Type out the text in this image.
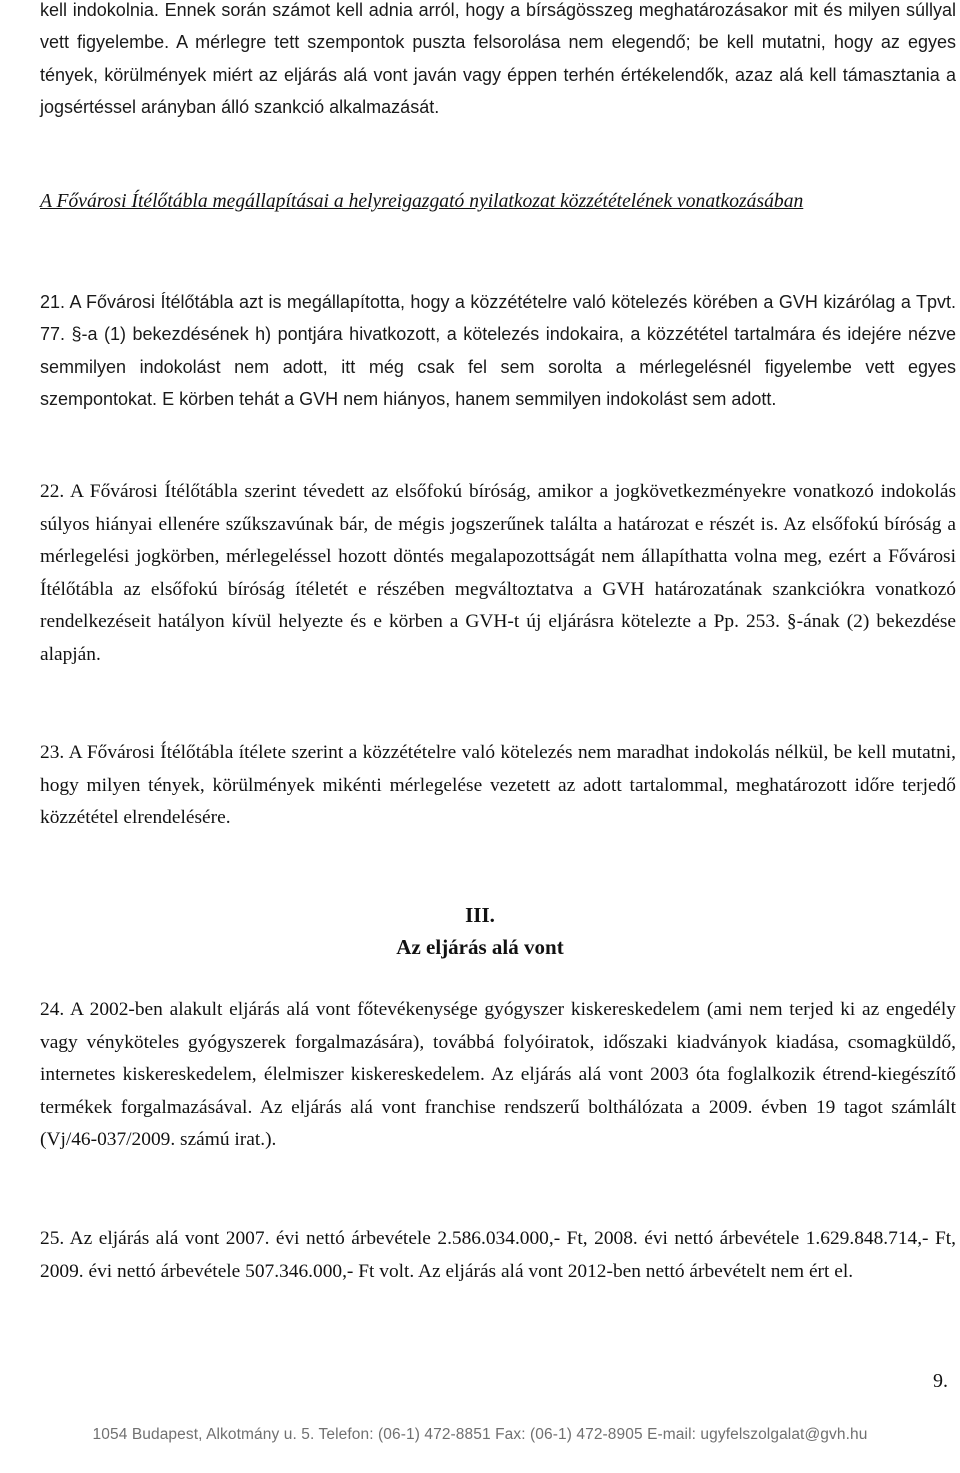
kell indokolnia. Ennek során számot kell adnia arról, hogy a bírságösszeg meghatározásakor mit és milyen súllyal vett figyelembe. A mérlegre tett szempontok puszta felsorolása nem elegendő; be kell mutatni, hogy az egyes tények, körülmények miért az eljárás alá vont javán vagy éppen terhén értékelendők, azaz alá kell támasztania a jogsértéssel arányban álló szankció alkalmazását.
A Fővárosi Ítélőtábla megállapításai a helyreigazgató nyilatkozat közzétételének vonatkozásában
21. A Fővárosi Ítélőtábla azt is megállapította, hogy a közzétételre való kötelezés körében a GVH kizárólag a Tpvt. 77. §-a (1) bekezdésének h) pontjára hivatkozott, a kötelezés indokaira, a közzététel tartalmára és idejére nézve semmilyen indokolást nem adott, itt még csak fel sem sorolta a mérlegelésnél figyelembe vett egyes szempontokat. E körben tehát a GVH nem hiányos, hanem semmilyen indokolást sem adott.
22. A Fővárosi Ítélőtábla szerint tévedett az elsőfokú bíróság, amikor a jogkövetkezményekre vonatkozó indokolás súlyos hiányai ellenére szűkszavúnak bár, de mégis jogszerűnek találta a határozat e részét is. Az elsőfokú bíróság a mérlegelési jogkörben, mérlegeléssel hozott döntés megalapozottságát nem állapíthatta volna meg, ezért a Fővárosi Ítélőtábla az elsőfokú bíróság ítéletét e részében megváltoztatva a GVH határozatának szankciókra vonatkozó rendelkezéseit hatályon kívül helyezte és e körben a GVH-t új eljárásra kötelezte a Pp. 253. §-ának (2) bekezdése alapján.
23. A Fővárosi Ítélőtábla ítélete szerint a közzétételre való kötelezés nem maradhat indokolás nélkül, be kell mutatni, hogy milyen tények, körülmények mikénti mérlegelése vezetett az adott tartalommal, meghatározott időre terjedő közzététel elrendelésére.
III.
Az eljárás alá vont
24. A 2002-ben alakult eljárás alá vont főtevékenysége gyógyszer kiskereskedelem (ami nem terjed ki az engedély vagy vényköteles gyógyszerek forgalmazására), továbbá folyóiratok, időszaki kiadványok kiadása, csomagküldő, internetes kiskereskedelem, élelmiszer kiskereskedelem. Az eljárás alá vont 2003 óta foglalkozik étrend-kiegészítő termékek forgalmazásával. Az eljárás alá vont franchise rendszerű bolthálózata a 2009. évben 19 tagot számlált (Vj/46-037/2009. számú irat.).
25. Az eljárás alá vont 2007. évi nettó árbevétele 2.586.034.000,- Ft, 2008. évi nettó árbevétele 1.629.848.714,- Ft, 2009. évi nettó árbevétele 507.346.000,- Ft volt. Az eljárás alá vont 2012-ben nettó árbevételt nem ért el.
9.
1054 Budapest, Alkotmány u. 5. Telefon: (06-1) 472-8851 Fax: (06-1) 472-8905 E-mail: ugyfelszolgalat@gvh.hu
